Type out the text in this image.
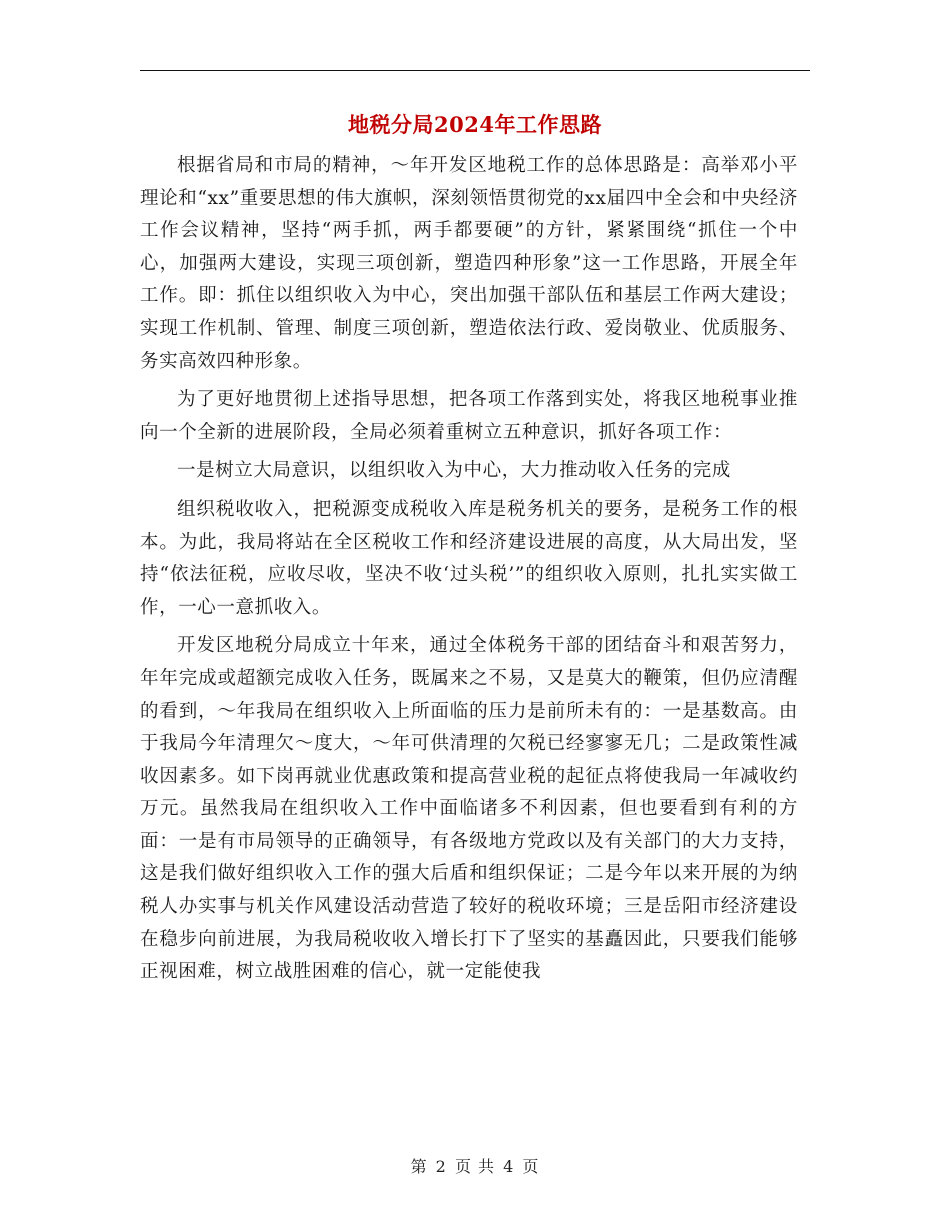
地税分局2024年工作思路

根据省局和市局的精神，～年开发区地税工作的总体思路是：高举邓小平理论和“xx”重要思想的伟大旗帜，深刻领悟贯彻党的xx届四中全会和中央经济工作会议精神，坚持“两手抓，两手都要硬”的方针，紧紧围绕“抓住一个中心，加强两大建设，实现三项创新，塑造四种形象”这一工作思路，开展全年工作。即：抓住以组织收入为中心，突出加强干部队伍和基层工作两大建设；实现工作机制、管理、制度三项创新，塑造依法行政、爱岗敬业、优质服务、务实高效四种形象。

为了更好地贯彻上述指导思想，把各项工作落到实处，将我区地税事业推向一个全新的进展阶段，全局必须着重树立五种意识，抓好各项工作：

一是树立大局意识，以组织收入为中心，大力推动收入任务的完成

组织税收收入，把税源变成税收入库是税务机关的要务，是税务工作的根本。为此，我局将站在全区税收工作和经济建设进展的高度，从大局出发，坚持“依法征税，应收尽收，坚决不收‘过头税’”的组织收入原则，扎扎实实做工作，一心一意抓收入。

开发区地税分局成立十年来，通过全体税务干部的团结奋斗和艰苦努力，年年完成或超额完成收入任务，既属来之不易，又是莫大的鞭策，但仍应清醒的看到，～年我局在组织收入上所面临的压力是前所未有的：一是基数高。由于我局今年清理欠～度大，～年可供清理的欠税已经寥寥无几；二是政策性减收因素多。如下岗再就业优惠政策和提高营业税的起征点将使我局一年减收约万元。虽然我局在组织收入工作中面临诸多不利因素，但也要看到有利的方面：一是有市局领导的正确领导，有各级地方党政以及有关部门的大力支持，这是我们做好组织收入工作的强大后盾和组织保证；二是今年以来开展的为纳税人办实事与机关作风建设活动营造了较好的税收环境；三是岳阳市经济建设在稳步向前进展，为我局税收收入增长打下了坚实的基矗因此，只要我们能够正视困难，树立战胜困难的信心，就一定能使我

第 2 页 共 4 页
